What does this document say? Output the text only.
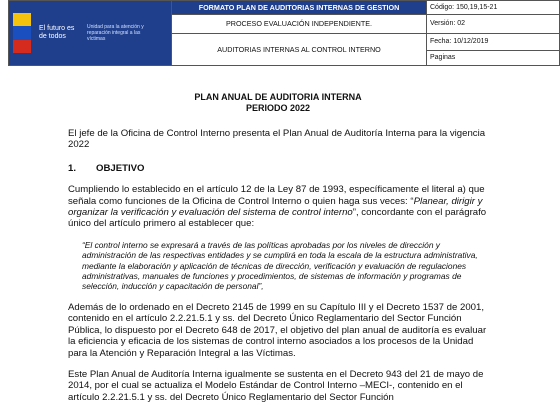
El futuro es de todos
Unidad para la atención y reparación integral a las víctimas	FORMATO PLAN DE AUDITORIAS INTERNAS DE GESTION	Código: 150,19,15-21
	PROCESO EVALUACIÓN INDEPENDIENTE.	Versión: 02
	AUDITORIAS INTERNAS AL CONTROL INTERNO	Fecha: 10/12/2019
		Paginas
PLAN ANUAL DE AUDITORIA INTERNA
PERIODO 2022
El jefe de la Oficina de Control Interno presenta el Plan Anual de Auditoría Interna para la vigencia 2022
1.	OBJETIVO
Cumpliendo lo establecido en el artículo 12 de la Ley 87 de 1993, específicamente el literal a) que señala como funciones de la Oficina de Control Interno o quien haga sus veces: “Planear, dirigir y organizar la verificación y evaluación del sistema de control interno”, concordante con el parágrafo único del artículo primero al establecer que:
“El control interno se expresará a través de las políticas aprobadas por los niveles de dirección y administración de las respectivas entidades y se cumplirá en toda la escala de la estructura administrativa, mediante la elaboración y aplicación de técnicas de dirección, verificación y evaluación de regulaciones administrativas, manuales de funciones y procedimientos, de sistemas de información y programas de selección, inducción y capacitación de personal”,
Además de lo ordenado en el Decreto 2145 de 1999 en su Capítulo III y el Decreto 1537 de 2001, contenido en el artículo 2.2.21.5.1 y ss. del Decreto Único Reglamentario del Sector Función Pública, lo dispuesto por el Decreto 648 de 2017, el objetivo del plan anual de auditoría es evaluar la eficiencia y eficacia de los sistemas de control interno asociados a los procesos de la Unidad para la Atención y Reparación Integral a las Víctimas.
Este Plan Anual de Auditoría Interna igualmente se sustenta en el Decreto 943 del 21 de mayo de 2014, por el cual se actualiza el Modelo Estándar de Control Interno –MECI-, contenido en el artículo 2.2.21.5.1 y ss. del Decreto Único Reglamentario del Sector Función
